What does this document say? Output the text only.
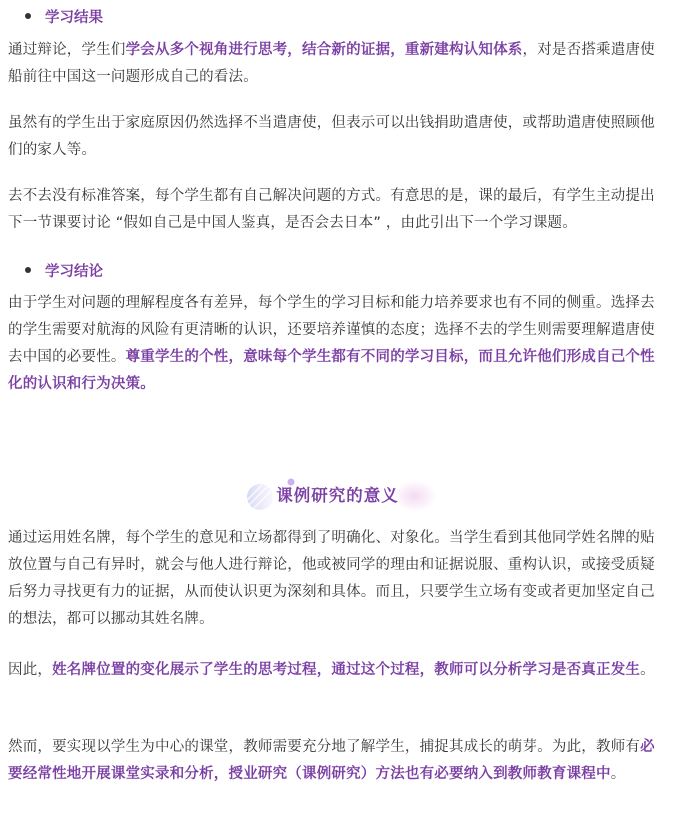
学习结果
通过辩论，学生们学会从多个视角进行思考，结合新的证据，重新建构认知体系，对是否搭乘遣唐使船前往中国这一问题形成自己的看法。
虽然有的学生出于家庭原因仍然选择不当遣唐使，但表示可以出钱捐助遣唐使，或帮助遣唐使照顾他们的家人等。
去不去没有标准答案，每个学生都有自己解决问题的方式。有意思的是，课的最后，有学生主动提出下一节课要讨论 “假如自己是中国人鉴真，是否会去日本” ，由此引出下一个学习课题。
学习结论
由于学生对问题的理解程度各有差异，每个学生的学习目标和能力培养要求也有不同的侧重。选择去的学生需要对航海的风险有更清晰的认识，还要培养谨慎的态度；选择不去的学生则需要理解遣唐使去中国的必要性。尊重学生的个性，意味每个学生都有不同的学习目标，而且允许他们形成自己个性化的认识和行为决策。
课例研究的意义
通过运用姓名牌，每个学生的意见和立场都得到了明确化、对象化。当学生看到其他同学姓名牌的贴放位置与自己有异时，就会与他人进行辩论，他或被同学的理由和证据说服、重构认识，或接受质疑后努力寻找更有力的证据，从而使认识更为深刻和具体。而且，只要学生立场有变或者更加坚定自己的想法，都可以挪动其姓名牌。
因此，姓名牌位置的变化展示了学生的思考过程，通过这个过程，教师可以分析学习是否真正发生。
然而，要实现以学生为中心的课堂，教师需要充分地了解学生，捕捉其成长的萌芽。为此，教师有必要经常性地开展课堂实录和分析，授业研究（课例研究）方法也有必要纳入到教师教育课程中。
